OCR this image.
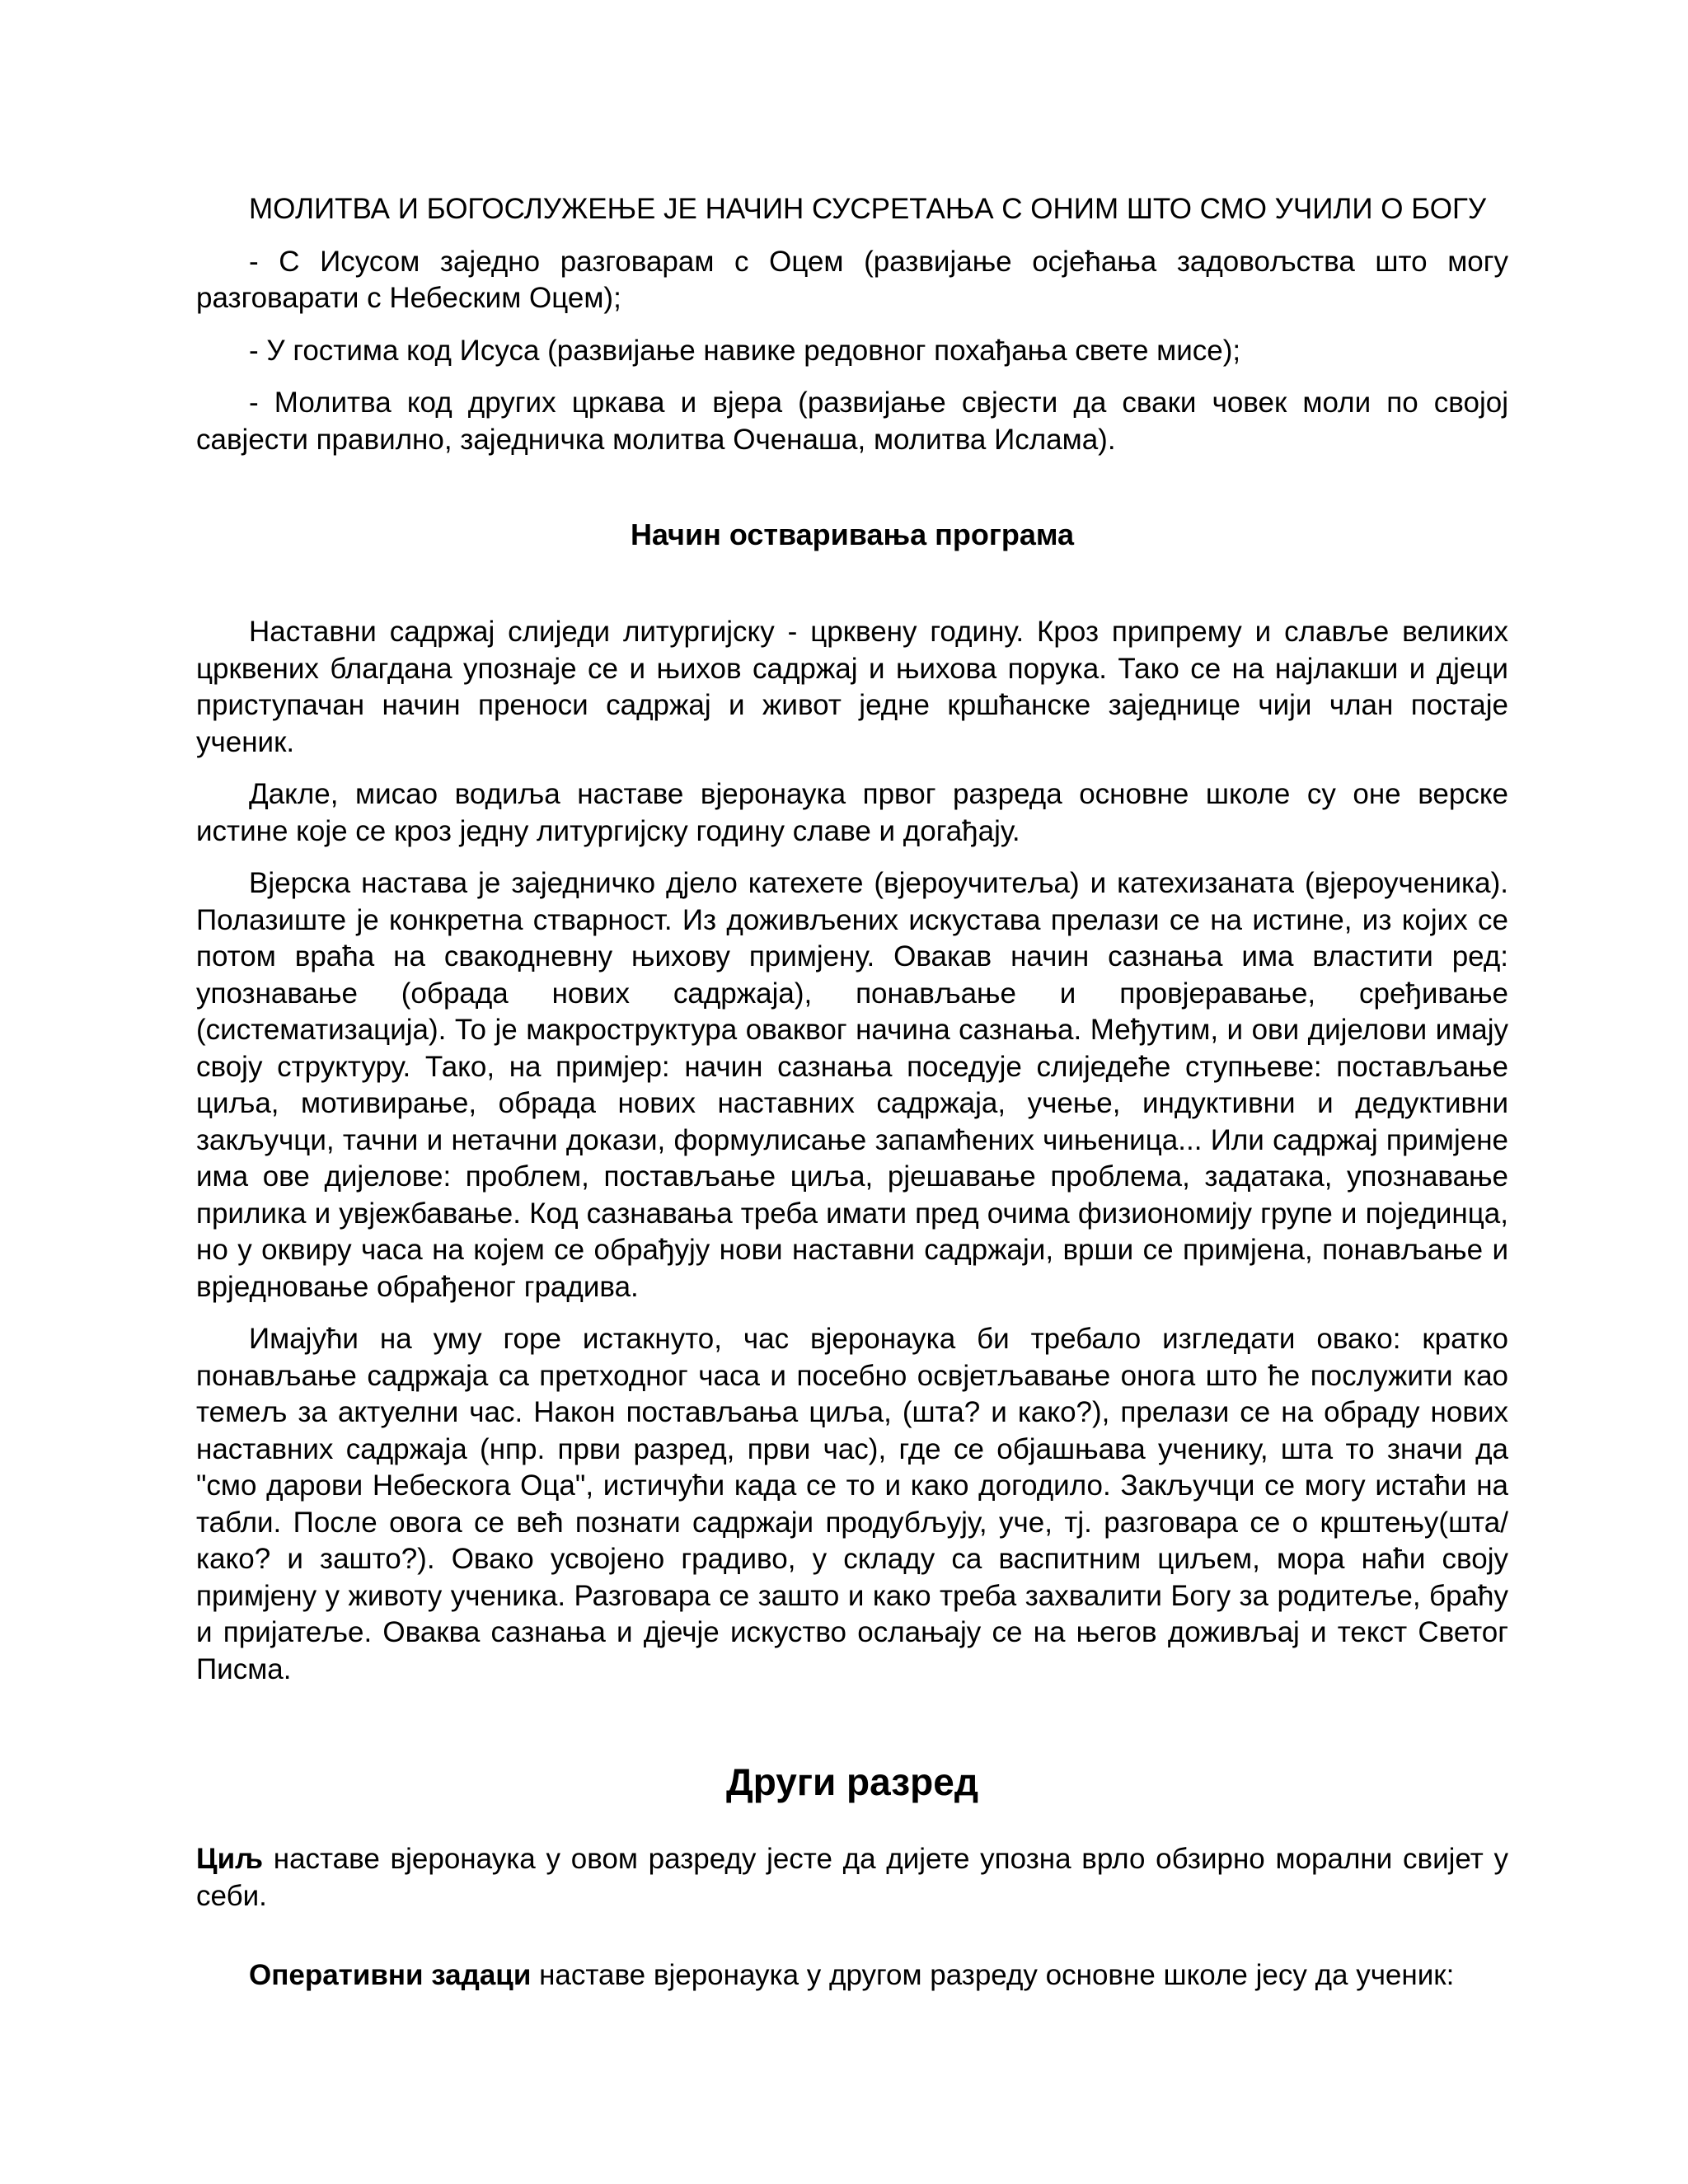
МОЛИТВА И БОГОСЛУЖЕЊЕ ЈЕ НАЧИН СУСРЕТАЊА С ОНИМ ШТО СМО УЧИЛИ О БОГУ

- С Исусом заједно разговарам с Оцем (развијање осјећања задовољства што могу разговарати с Небеским Оцем);

- У гостима код Исуса (развијање навике редовног похађања свете мисе);

- Молитва код других цркава и вјера (развијање свјести да сваки човек моли по својој савјести правилно, заједничка молитва Оченаша, молитва Ислама).

Начин остваривања програма

Наставни садржај слиједи литургијску - црквену годину. Кроз припрему и славље великих црквених благдана упознаје се и њихов садржај и њихова порука. Тако се на најлакши и дјеци приступачан начин преноси садржај и живот једне кршћанске заједнице чији члан постаје ученик.

Дакле, мисао водиља наставе вјеронаука првог разреда основне школе су оне верске истине које се кроз једну литургијску годину славе и догађају.

Вјерска настава је заједничко дјело катехете (вјероучитеља) и катехизаната (вјероученика). Полазиште је конкретна стварност. Из доживљених искустава прелази се на истине, из којих се потом враћа на свакодневну њихову примјену. Овакав начин сазнања има властити ред: упознавање (обрада нових садржаја), понављање и провјеравање, сређивање (систематизација). То је макроструктура оваквог начина сазнања. Међутим, и ови дијелови имају своју структуру. Тако, на примјер: начин сазнања поседује слиједеће ступњеве: постављање циља, мотивирање, обрада нових наставних садржаја, учење, индуктивни и дедуктивни закључци, тачни и нетачни докази, формулисање запамћених чињеница... Или садржај примјене има ове дијелове: проблем, постављање циља, рјешавање проблема, задатака, упознавање прилика и увјежбавање. Код сазнавања треба имати пред очима физиономију групе и појединца, но у оквиру часа на којем се обрађују нови наставни садржаји, врши се примјена, понављање и врједновање обрађеног градива.

Имајући на уму горе истакнуто, час вјеронаука би требало изгледати овако: кратко понављање садржаја са претходног часа и посебно освјетљавање оногa што ће послужити као темељ за актуелни час. Након постављања циља, (шта? и како?), прелази се на обраду нових наставних садржаја (нпр. први разред, први час), где се објашњава ученику, шта то значи да "смо дарови Небескога Оца", истичући када се то и како догодило. Закључци се могу истаћи на табли. После овога се већ познати садржаји продубљују, уче, тј. разговара се о крштењу(шта/ како? и зашто?). Овако усвојено градиво, у складу са васпитним циљем, мора наћи своју примјену у животу ученика. Разговара се зашто и како треба захвалити Богу за родитеље, браћу и пријатеље. Оваква сазнања и дјечје искуство ослањају се на његов доживљај и текст Светог Писма.

Други разред

Циљ наставе вјеронаука у овом разреду јесте да дијете упозна врло обзирно морални свијет у себи.

Оперативни задаци наставе вјеронаука у другом разреду основне школе јесу да ученик:
